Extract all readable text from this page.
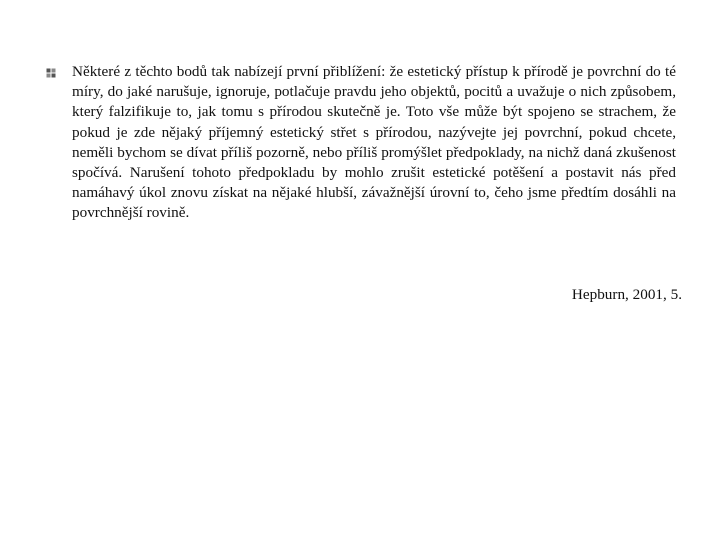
Některé z těchto bodů tak nabízejí první přiblížení: že estetický přístup k přírodě je povrchní do té míry, do jaké narušuje, ignoruje, potlačuje pravdu jeho objektů, pocitů a uvažuje o nich způsobem, který falzifikuje to, jak tomu s přírodou skutečně je. Toto vše může být spojeno se strachem, že pokud je zde nějaký příjemný estetický střet s přírodou, nazývejte jej povrchní, pokud chcete, neměli bychom se dívat příliš pozorně, nebo příliš promýšlet předpoklady, na nichž daná zkušenost spočívá. Narušení tohoto předpokladu by mohlo zrušit estetické potěšení a postavit nás před namáhavý úkol znovu získat na nějaké hlubší, závažnější úrovní to, čeho jsme předtím dosáhli na povrchnější rovině.

Hepburn, 2001, 5.
